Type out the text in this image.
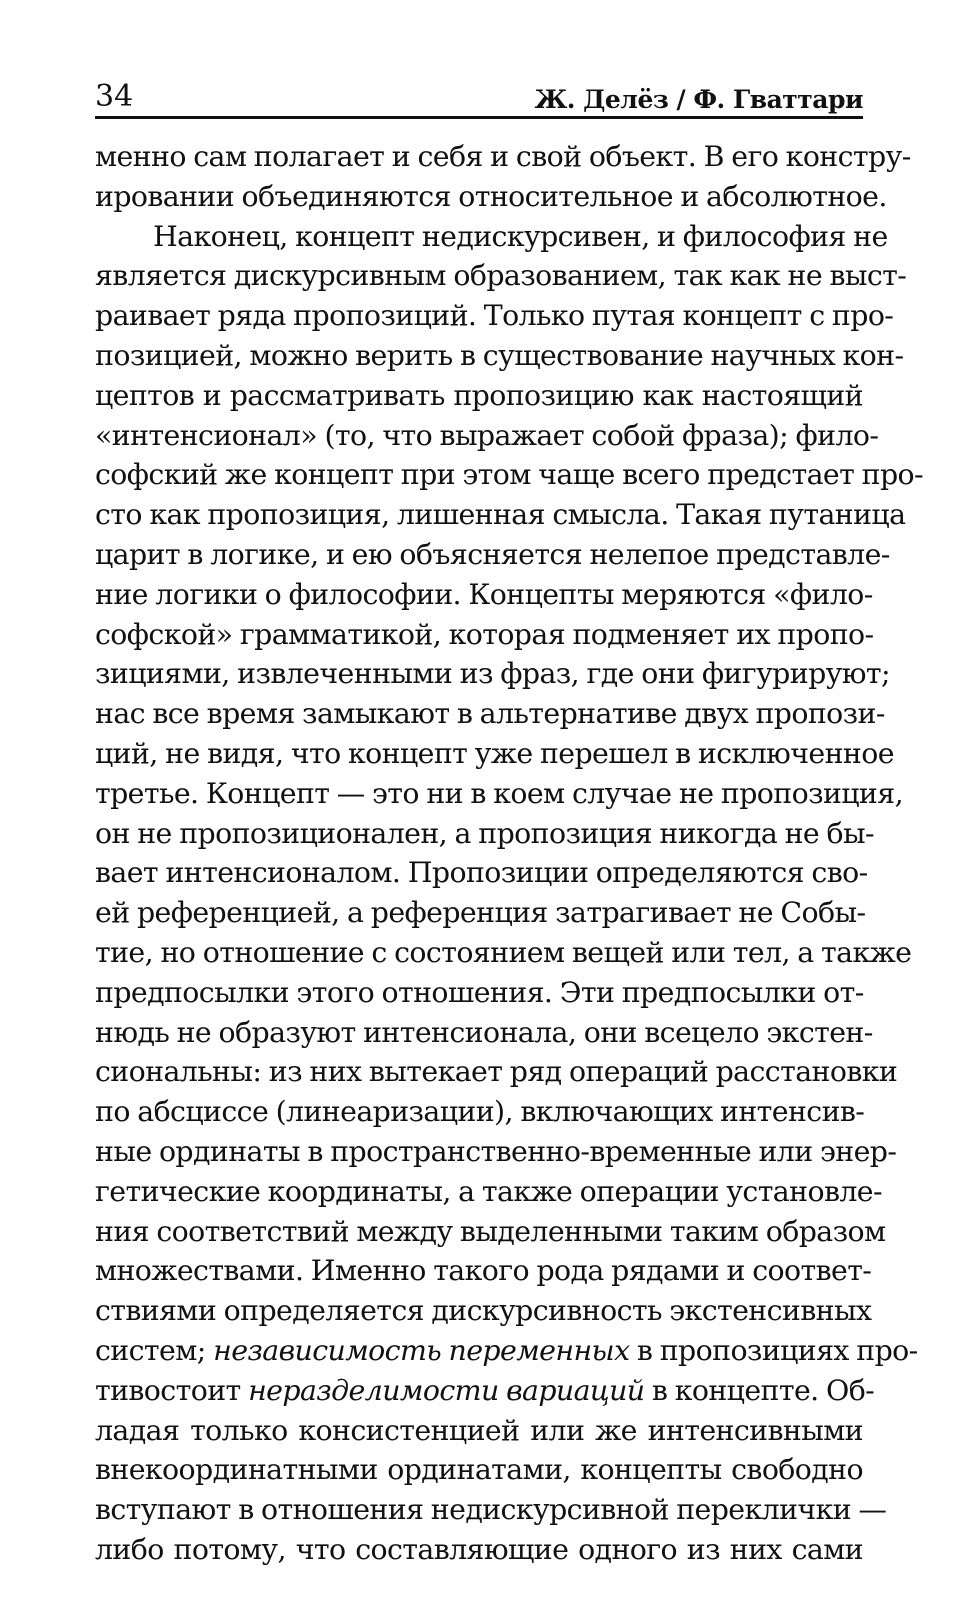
34	Ж. Делёз / Ф. Гваттари
менно сам полагает и себя и свой объект. В его констру-
ировании объединяются относительное и абсолютное.
Наконец, концепт недискурсивен, и философия не
является дискурсивным образованием, так как не выст-
раивает ряда пропозиций. Только путая концепт с про-
позицией, можно верить в существование научных кон-
цептов и рассматривать пропозицию как настоящий
«интенсионал» (то, что выражает собой фраза); фило-
софский же концепт при этом чаще всего предстает про-
сто как пропозиция, лишенная смысла. Такая путаница
царит в логике, и ею объясняется нелепое представле-
ние логики о философии. Концепты меряются «фило-
софской» грамматикой, которая подменяет их пропо-
зициями, извлеченными из фраз, где они фигурируют;
нас все время замыкают в альтернативе двух пропози-
ций, не видя, что концепт уже перешел в исключенное
третье. Концепт — это ни в коем случае не пропозиция,
он не пропозиционален, а пропозиция никогда не бы-
вает интенсионалом. Пропозиции определяются сво-
ей референцией, а референция затрагивает не Собы-
тие, но отношение с состоянием вещей или тел, а также
предпосылки этого отношения. Эти предпосылки от-
нюдь не образуют интенсионала, они всецело экстен-
сиональны: из них вытекает ряд операций расстановки
по абсциссе (линеаризации), включающих интенсив-
ные ординаты в пространственно-временные или энер-
гетические координаты, а также операции установле-
ния соответствий между выделенными таким образом
множествами. Именно такого рода рядами и соответ-
ствиями определяется дискурсивность экстенсивных
систем; независимость переменных в пропозициях про-
тивостоит неразделимости вариаций в концепте. Об-
ладая только консистенцией или же интенсивными
внекоординатными ординатами, концепты свободно
вступают в отношения недискурсивной переклички —
либо потому, что составляющие одного из них сами
